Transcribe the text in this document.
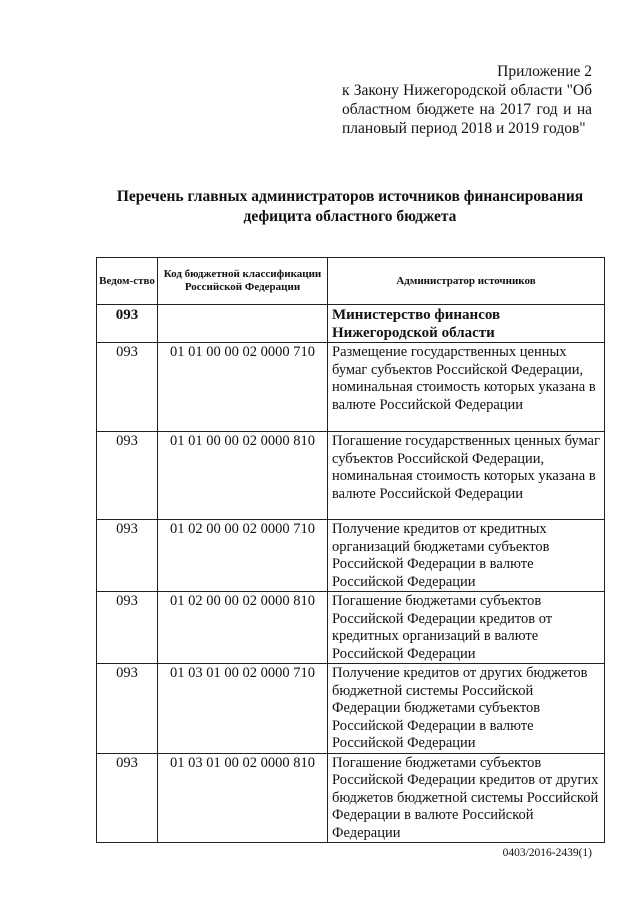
Приложение 2
к Закону Нижегородской области "Об областном бюджете на 2017 год и на плановый период 2018 и 2019 годов"
Перечень главных администраторов источников финансирования дефицита областного бюджета
Ведом-ство	Код бюджетной классификации Российской Федерации	Администратор источников
093		Министерство финансов Нижегородской области
093	01 01 00 00 02 0000 710	Размещение государственных ценных бумаг субъектов Российской Федерации, номинальная стоимость которых указана в валюте Российской Федерации
093	01 01 00 00 02 0000 810	Погашение государственных ценных бумаг субъектов Российской Федерации, номинальная стоимость которых указана в валюте Российской Федерации
093	01 02 00 00 02 0000 710	Получение кредитов от кредитных организаций бюджетами субъектов Российской Федерации в валюте Российской Федерации
093	01 02 00 00 02 0000 810	Погашение бюджетами субъектов Российской Федерации кредитов от кредитных организаций в валюте Российской Федерации
093	01 03 01 00 02 0000 710	Получение кредитов от других бюджетов бюджетной системы Российской Федерации бюджетами субъектов Российской Федерации в валюте Российской Федерации
093	01 03 01 00 02 0000 810	Погашение бюджетами субъектов Российской Федерации кредитов от других бюджетов бюджетной системы Российской Федерации в валюте Российской Федерации
0403/2016-2439(1)
